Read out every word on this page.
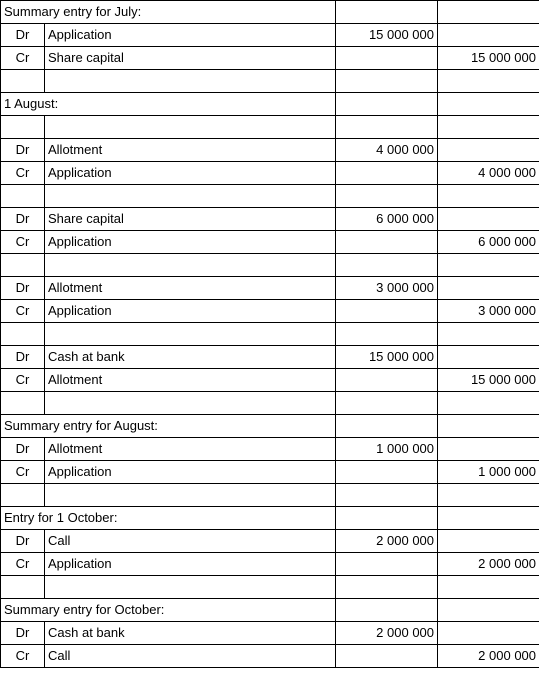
Summary entry for July:			
Dr	Application	15 000 000	
Cr	Share capital		15 000 000

1 August:			

Dr	Allotment	4 000 000	
Cr	Application		4 000 000

Dr	Share capital	6 000 000	
Cr	Application		6 000 000

Dr	Allotment	3 000 000	
Cr	Application		3 000 000

Dr	Cash at bank	15 000 000	
Cr	Allotment		15 000 000

Summary entry for August:			
Dr	Allotment	1 000 000	
Cr	Application		1 000 000

Entry for 1 October:			
Dr	Call	2 000 000	
Cr	Application		2 000 000

Summary entry for October:			
Dr	Cash at bank	2 000 000	
Cr	Call		2 000 000
